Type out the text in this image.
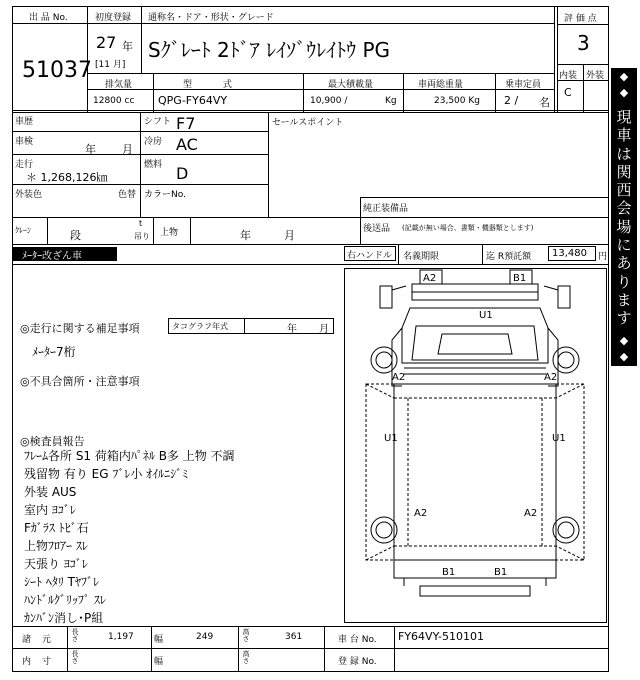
出 品 No.
51037
初度登録
27 年
[11 月]
通称名・ドア・形状・グレード
Sｸﾞﾚｰﾄ 2ﾄﾞｱ ﾚｲｿﾞｳﾚｲﾄｳ PG
評 価 点
3
内装 外装
C
排気量	型 式	最大積載量	車両総重量	乗車定員
12800 cc QPG-FY64VY	10,900 /	Kg	23,500 Kg 2 / 名
車歴	シフト F7	セールスポイント
車検
年 月
冷房 AC
走行
＊ 1,268,126㎞
燃料 D
外装色	色替 カラーNo.
純正装備品
後送品 (記載が無い場合、書類・機器類とします)
ｸﾚｰﾝ	段
t
吊り 上物	年	月
ﾒｰﾀｰ改ざん車	右ハンドル 名義期限	迄 R預託額 13,480 円
◎走行に関する補足事項	タコグラフ年式	年 月
ﾒｰﾀｰ7桁
◎不具合箇所・注意事項
◎検査員報告
ﾌﾚｰﾑ各所 S1 荷箱内ﾊﾟﾈﾙ B多 上物 不調
残留物 有り EG ﾌﾞﾚ小 ｵｲﾙﾆｼﾞﾐ
外装 AUS
室内 ﾖｺﾞﾚ
Fｶﾞﾗｽ ﾄﾋﾞ石
上物ﾌﾛｱｰ ｽﾚ
天張り ﾖｺﾞﾚ
ｼｰﾄ ﾍﾀﾘ Tﾔﾌﾞﾚ
ﾊﾝﾄﾞﾙｸﾞﾘｯﾌﾟ ｽﾚ
ｶﾝﾊﾞﾝ消し･P組
A2	B1
U1
A2	A2
U1	U1
A2	A2
B1	B1
諸 元 長さ	1,197 幅	249	高さ	361	車 台 No. FY64VY-510101
内 寸 長さ	幅	高さ	登 録 No.
◆
◆
現車は関西会場にあります
◆
◆
